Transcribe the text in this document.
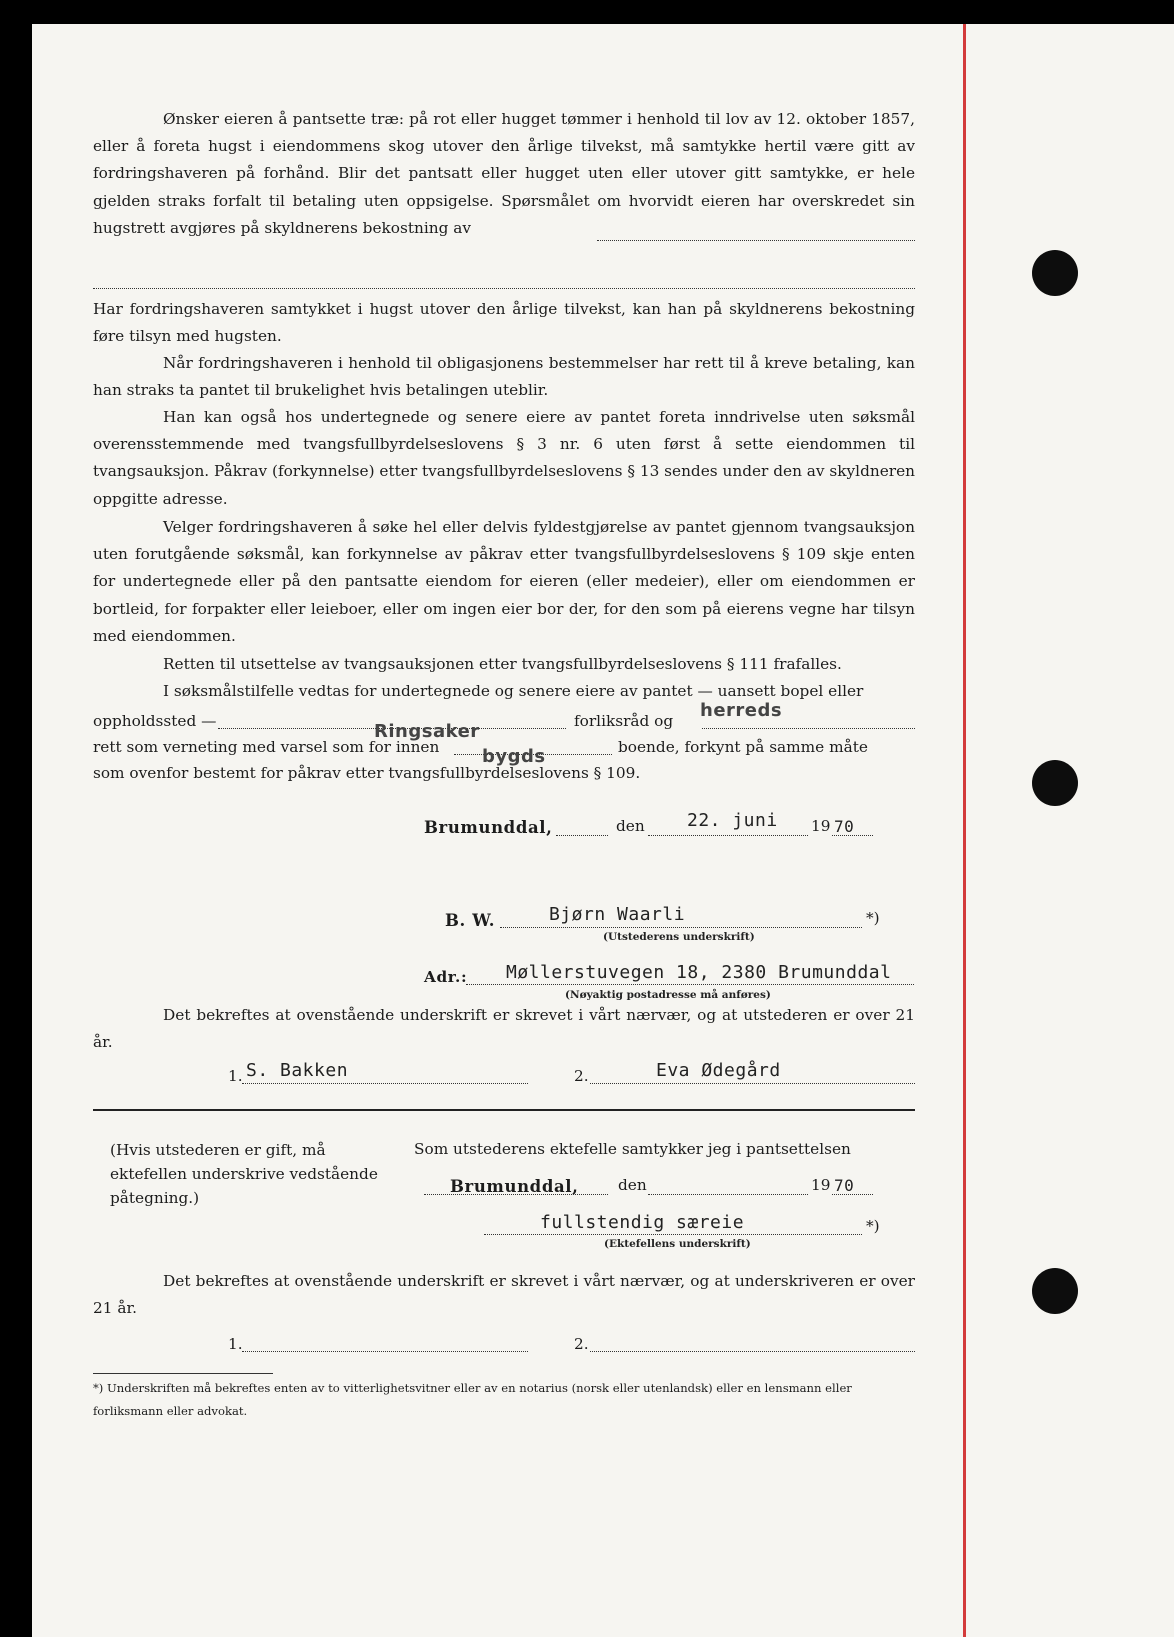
Ønsker eieren å pantsette træ: på rot eller hugget tømmer i henhold til lov av 12. oktober 1857, eller å foreta hugst i eiendommens skog utover den årlige tilvekst, må samtykke hertil være gitt av fordringshaveren på forhånd. Blir det pantsatt eller hugget uten eller utover gitt samtykke, er hele gjelden straks forfalt til betaling uten oppsigelse. Spørsmålet om hvorvidt eieren har overskredet sin hugstrett avgjøres på skyldnerens bekostning av

Har fordringshaveren samtykket i hugst utover den årlige tilvekst, kan han på skyldnerens bekostning føre tilsyn med hugsten.

Når fordringshaveren i henhold til obligasjonens bestemmelser har rett til å kreve betaling, kan han straks ta pantet til brukelighet hvis betalingen uteblir.

Han kan også hos undertegnede og senere eiere av pantet foreta inndrivelse uten søksmål overensstemmende med tvangsfullbyrdelseslovens § 3 nr. 6 uten først å sette eiendommen til tvangsauksjon. Påkrav (forkynnelse) etter tvangsfullbyrdelseslovens § 13 sendes under den av skyldneren oppgitte adresse.

Velger fordringshaveren å søke hel eller delvis fyldestgjørelse av pantet gjennom tvangsauksjon uten forutgående søksmål, kan forkynnelse av påkrav etter tvangsfullbyrdelseslovens § 109 skje enten for undertegnede eller på den pantsatte eiendom for eieren (eller medeier), eller om eiendommen er bortleid, for forpakter eller leieboer, eller om ingen eier bor der, for den som på eierens vegne har tilsyn med eiendommen.

Retten til utsettelse av tvangsauksjonen etter tvangsfullbyrdelseslovens § 111 frafalles.

I søksmålstilfelle vedtas for undertegnede og senere eiere av pantet — uansett bopel eller

oppholdssted —	forliksråd og
rett som verneting med varsel som for innen	boende, forkynt på samme måte
som ovenfor bestemt for påkrav etter tvangsfullbyrdelseslovens § 109.
Ringsaker
herreds
bygds
Brumunddal,	den 22. juni 19 70
B. W.	Bjørn Waarli	*)
(Utstederens underskrift)
Adr.: Møllerstuvegen 18, 2380 Brumunddal
(Nøyaktig postadresse må anføres)

Det bekreftes at ovenstående underskrift er skrevet i vårt nærvær, og at utstederen er over 21 år.

1. S. Bakken	2.	Eva Ødegård

(Hvis utstederen er gift, må ektefellen underskrive vedstående påtegning.)

Som utstederens ektefelle samtykker jeg i pantsettelsen
Brumunddal,	den	19 70
fullstendig særeie	*)
(Ektefellens underskrift)

Det bekreftes at ovenstående underskrift er skrevet i vårt nærvær, og at underskriveren er over 21 år.

1.	2.

*) Underskriften må bekreftes enten av to vitterlighetsvitner eller av en notarius (norsk eller utenlandsk) eller en lensmann eller forliksmann eller advokat.
